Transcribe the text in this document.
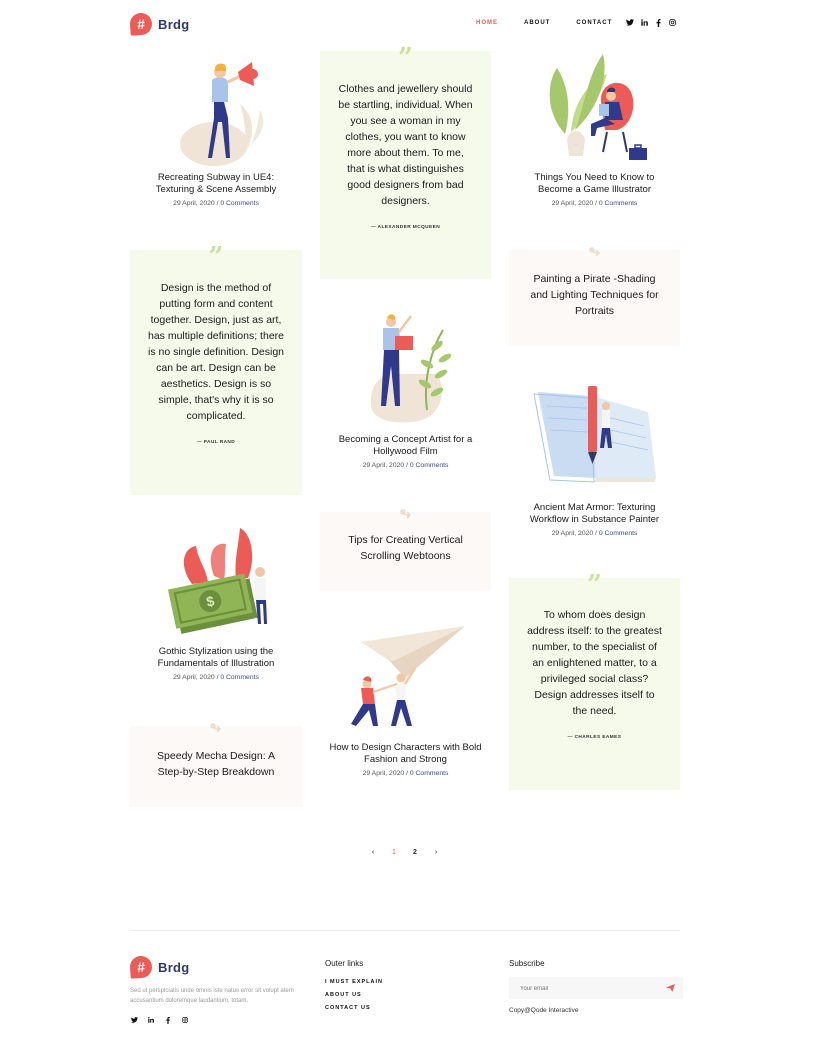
# Brdg	HOME	ABOUT	CONTACT
Recreating Subway in UE4: Texturing & Scene Assembly
29 April, 2020 / 0 Comments
”
Design is the method of putting form and content together. Design, just as art, has multiple definitions; there is no single definition. Design can be art. Design can be aesthetics. Design is so simple, that's why it is so complicated.
— PAUL RAND
$
Gothic Stylization using the Fundamentals of Illustration
29 April, 2020 / 0 Comments
Speedy Mecha Design: A Step-by-Step Breakdown
”
Clothes and jewellery should be startling, individual. When you see a woman in my clothes, you want to know more about them. To me, that is what distinguishes good designers from bad designers.
— ALEXANDER MCQUEEN
Becoming a Concept Artist for a Hollywood Film
29 April, 2020 / 0 Comments
Tips for Creating Vertical Scrolling Webtoons
How to Design Characters with Bold Fashion and Strong
29 April, 2020 / 0 Comments
Things You Need to Know to Become a Game Illustrator
29 April, 2020 / 0 Comments
Painting a Pirate -Shading and Lighting Techniques for Portraits
Ancient Mat Armor: Texturing Workflow in Substance Painter
29 April, 2020 / 0 Comments
”
To whom does design address itself: to the greatest number, to the specialist of an enlightened matter, to a privileged social class? Design addresses itself to the need.
— CHARLES EAMES
‹	1	2	›
# Brdg
Sed ut perspiciatis unde omnis iste natus error sit volupt atem accusantium doloremque laudantium, totam.
Outer links
I MUST EXPLAIN
ABOUT US
CONTACT US
Subscribe
Your email
Copy@Qode Interactive
